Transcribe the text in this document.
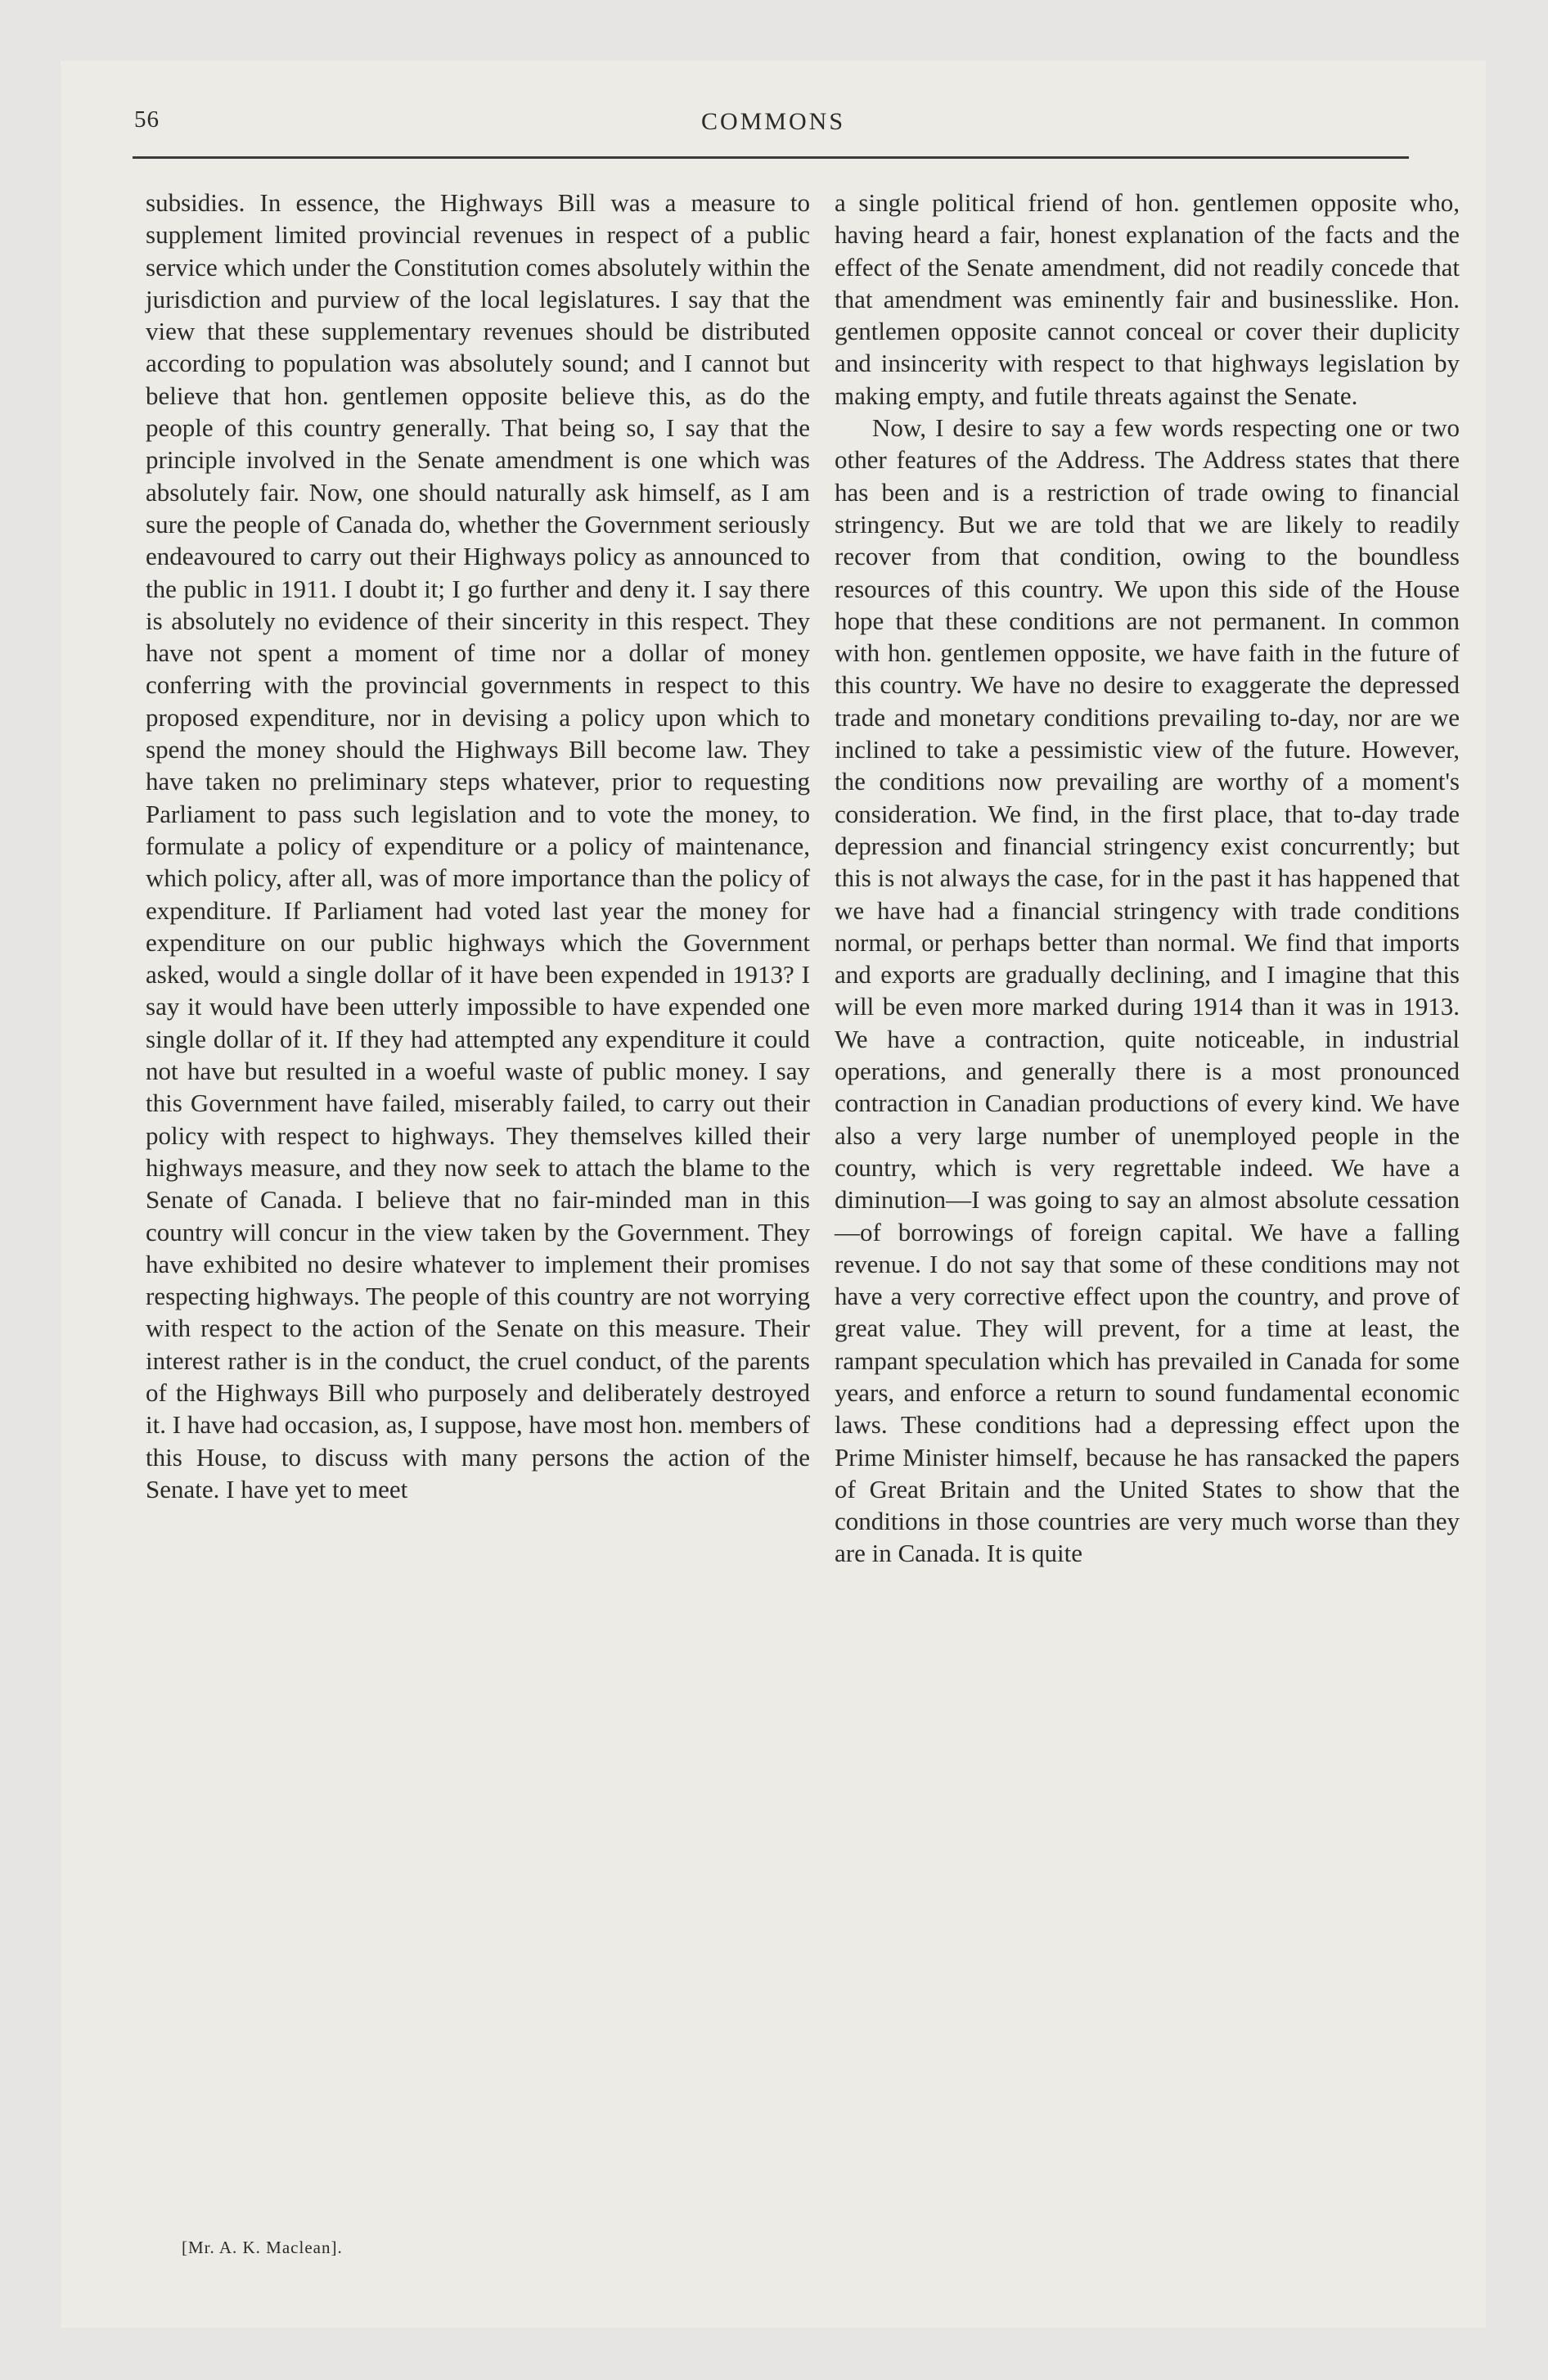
56	COMMONS

subsidies. In essence, the Highways Bill was a measure to supplement limited provincial revenues in respect of a public service which under the Constitution comes absolutely within the jurisdiction and purview of the local legislatures. I say that the view that these supplementary revenues should be distributed according to population was absolutely sound; and I cannot but believe that hon. gentlemen opposite believe this, as do the people of this country generally. That being so, I say that the principle involved in the Senate amendment is one which was absolutely fair. Now, one should naturally ask himself, as I am sure the people of Canada do, whether the Government seriously endeavoured to carry out their Highways policy as announced to the public in 1911. I doubt it; I go further and deny it. I say there is absolutely no evidence of their sincerity in this respect. They have not spent a moment of time nor a dollar of money conferring with the provincial governments in respect to this proposed expenditure, nor in devising a policy upon which to spend the money should the Highways Bill become law. They have taken no preliminary steps whatever, prior to requesting Parliament to pass such legislation and to vote the money, to formulate a policy of expenditure or a policy of maintenance, which policy, after all, was of more importance than the policy of expenditure. If Parliament had voted last year the money for expenditure on our public highways which the Government asked, would a single dollar of it have been expended in 1913? I say it would have been utterly impossible to have expended one single dollar of it. If they had attempted any expenditure it could not have but resulted in a woeful waste of public money. I say this Government have failed, miserably failed, to carry out their policy with respect to highways. They themselves killed their highways measure, and they now seek to attach the blame to the Senate of Canada. I believe that no fair-minded man in this country will concur in the view taken by the Government. They have exhibited no desire whatever to implement their promises respecting highways. The people of this country are not worrying with respect to the action of the Senate on this measure. Their interest rather is in the conduct, the cruel conduct, of the parents of the Highways Bill who purposely and deliberately destroyed it. I have had occasion, as, I suppose, have most hon. members of this House, to discuss with many persons the action of the Senate. I have yet to meet

a single political friend of hon. gentlemen opposite who, having heard a fair, honest explanation of the facts and the effect of the Senate amendment, did not readily concede that that amendment was eminently fair and businesslike. Hon. gentlemen opposite cannot conceal or cover their duplicity and insincerity with respect to that highways legislation by making empty, and futile threats against the Senate.

Now, I desire to say a few words respecting one or two other features of the Address. The Address states that there has been and is a restriction of trade owing to financial stringency. But we are told that we are likely to readily recover from that condition, owing to the boundless resources of this country. We upon this side of the House hope that these conditions are not permanent. In common with hon. gentlemen opposite, we have faith in the future of this country. We have no desire to exaggerate the depressed trade and monetary conditions prevailing to-day, nor are we inclined to take a pessimistic view of the future. However, the conditions now prevailing are worthy of a moment's consideration. We find, in the first place, that to-day trade depression and financial stringency exist concurrently; but this is not always the case, for in the past it has happened that we have had a financial stringency with trade conditions normal, or perhaps better than normal. We find that imports and exports are gradually declining, and I imagine that this will be even more marked during 1914 than it was in 1913. We have a contraction, quite noticeable, in industrial operations, and generally there is a most pronounced contraction in Canadian productions of every kind. We have also a very large number of unemployed people in the country, which is very regrettable indeed. We have a diminution—I was going to say an almost absolute cessation—of borrowings of foreign capital. We have a falling revenue. I do not say that some of these conditions may not have a very corrective effect upon the country, and prove of great value. They will prevent, for a time at least, the rampant speculation which has prevailed in Canada for some years, and enforce a return to sound fundamental economic laws. These conditions had a depressing effect upon the Prime Minister himself, because he has ransacked the papers of Great Britain and the United States to show that the conditions in those countries are very much worse than they are in Canada. It is quite

[Mr. A. K. Maclean].
